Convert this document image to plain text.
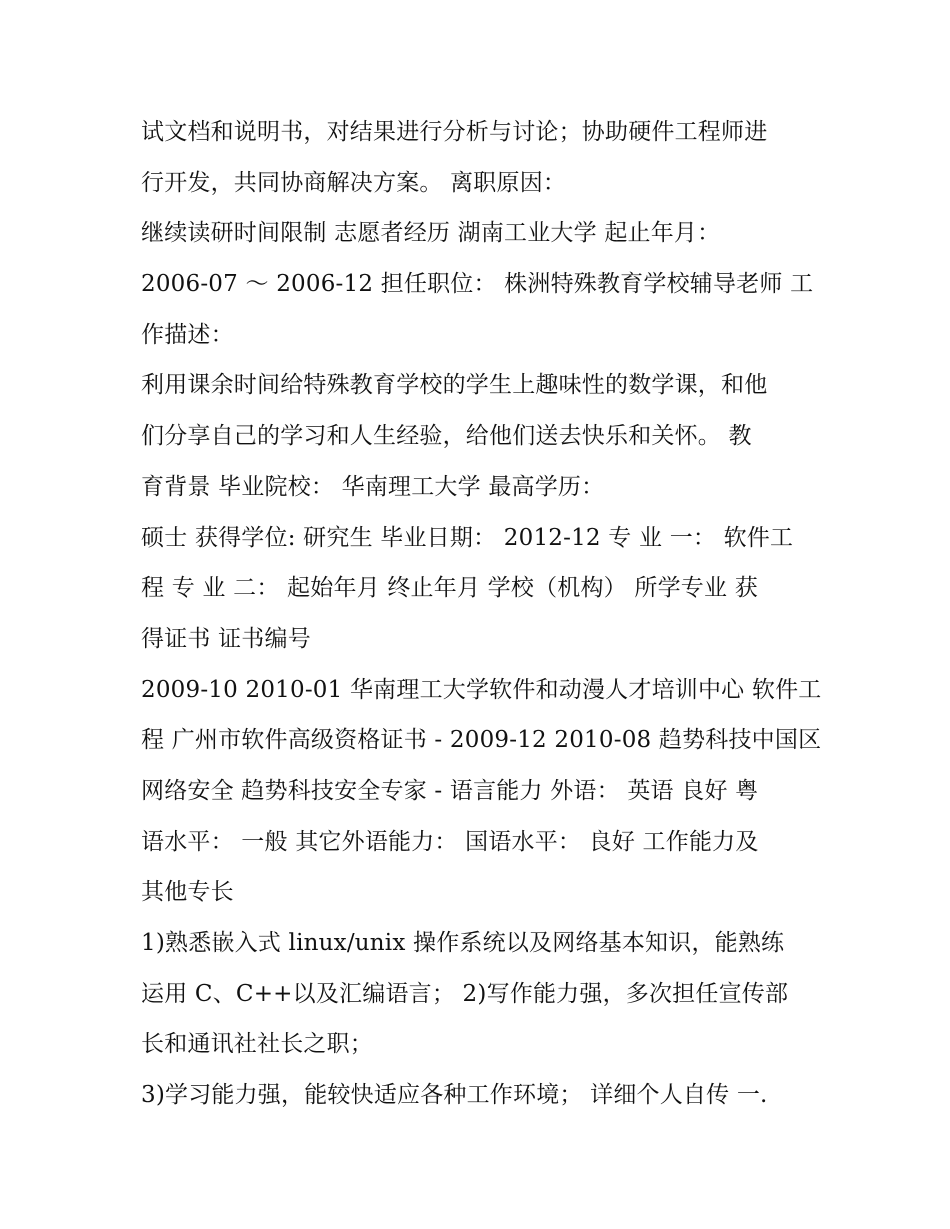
试文档和说明书，对结果进行分析与讨论；协助硬件工程师进
行开发，共同协商解决方案。 离职原因：
继续读研时间限制 志愿者经历 湖南工业大学 起止年月：
2006-07 ～ 2006-12 担任职位： 株洲特殊教育学校辅导老师 工
作描述：
利用课余时间给特殊教育学校的学生上趣味性的数学课，和他
们分享自己的学习和人生经验，给他们送去快乐和关怀。 教
育背景 毕业院校： 华南理工大学 最高学历：
硕士 获得学位: 研究生 毕业日期： 2012-12 专 业 一： 软件工
程 专 业 二： 起始年月 终止年月 学校（机构） 所学专业 获
得证书 证书编号
2009-10 2010-01 华南理工大学软件和动漫人才培训中心 软件工
程 广州市软件高级资格证书 - 2009-12 2010-08 趋势科技中国区
网络安全 趋势科技安全专家 - 语言能力 外语： 英语 良好 粤
语水平： 一般 其它外语能力： 国语水平： 良好 工作能力及
其他专长
1)熟悉嵌入式 linux/unix 操作系统以及网络基本知识，能熟练
运用 C、C++以及汇编语言； 2)写作能力强，多次担任宣传部
长和通讯社社长之职；
3)学习能力强，能较快适应各种工作环境； 详细个人自传 一.
